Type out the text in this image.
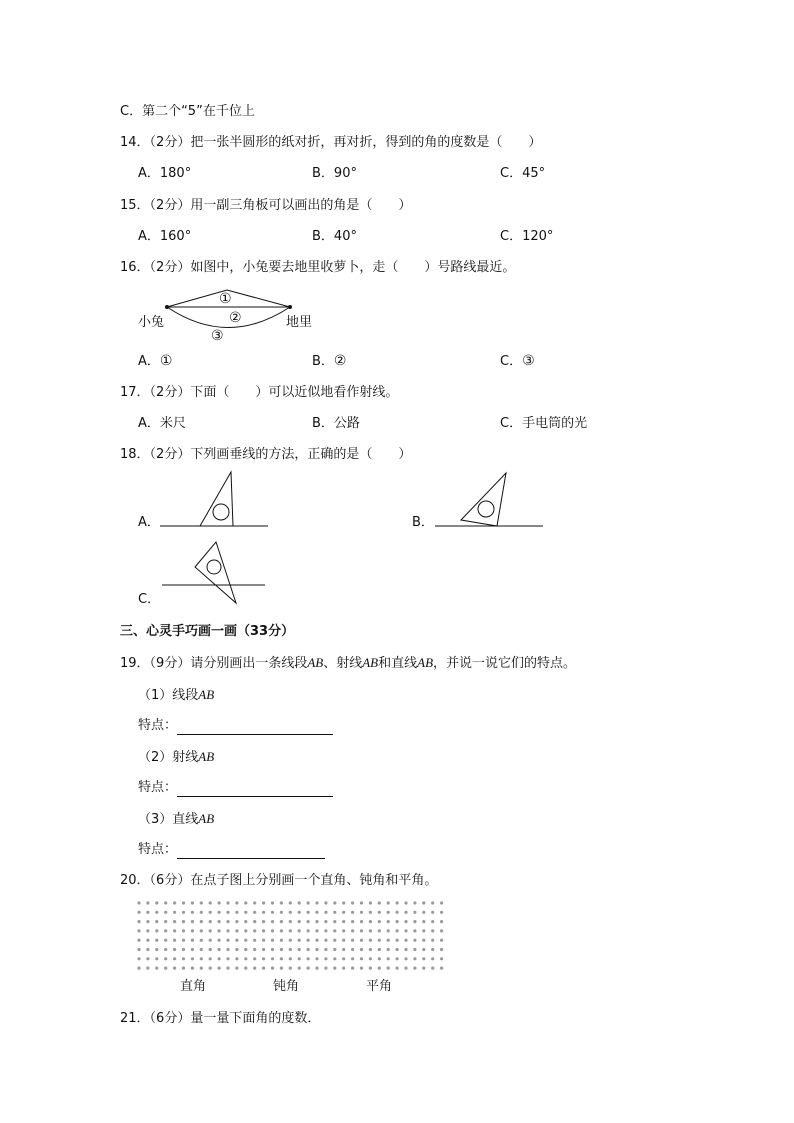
C．第二个“5”在千位上
14．（2分）把一张半圆形的纸对折，再对折，得到的角的度数是（　　）
A．180°	B．90°	C．45°
15．（2分）用一副三角板可以画出的角是（　　）
A．160°	B．40°	C．120°
16．（2分）如图中，小兔要去地里收萝卜，走（　　）号路线最近。
①
②
③
小兔	地里
A．①	B．②	C．③
17．（2分）下面（　　）可以近似地看作射线。
A．米尺	B．公路	C．手电筒的光
18．（2分）下列画垂线的方法，正确的是（　　）
A．	B．
C．
三、心灵手巧画一画（33分）
19．（9分）请分别画出一条线段AB、射线AB和直线AB，并说一说它们的特点。
（1）线段AB
特点：
（2）射线AB
特点：
（3）直线AB
特点：
20．（6分）在点子图上分别画一个直角、钝角和平角。
直角	钝角	平角
21．（6分）量一量下面角的度数．
